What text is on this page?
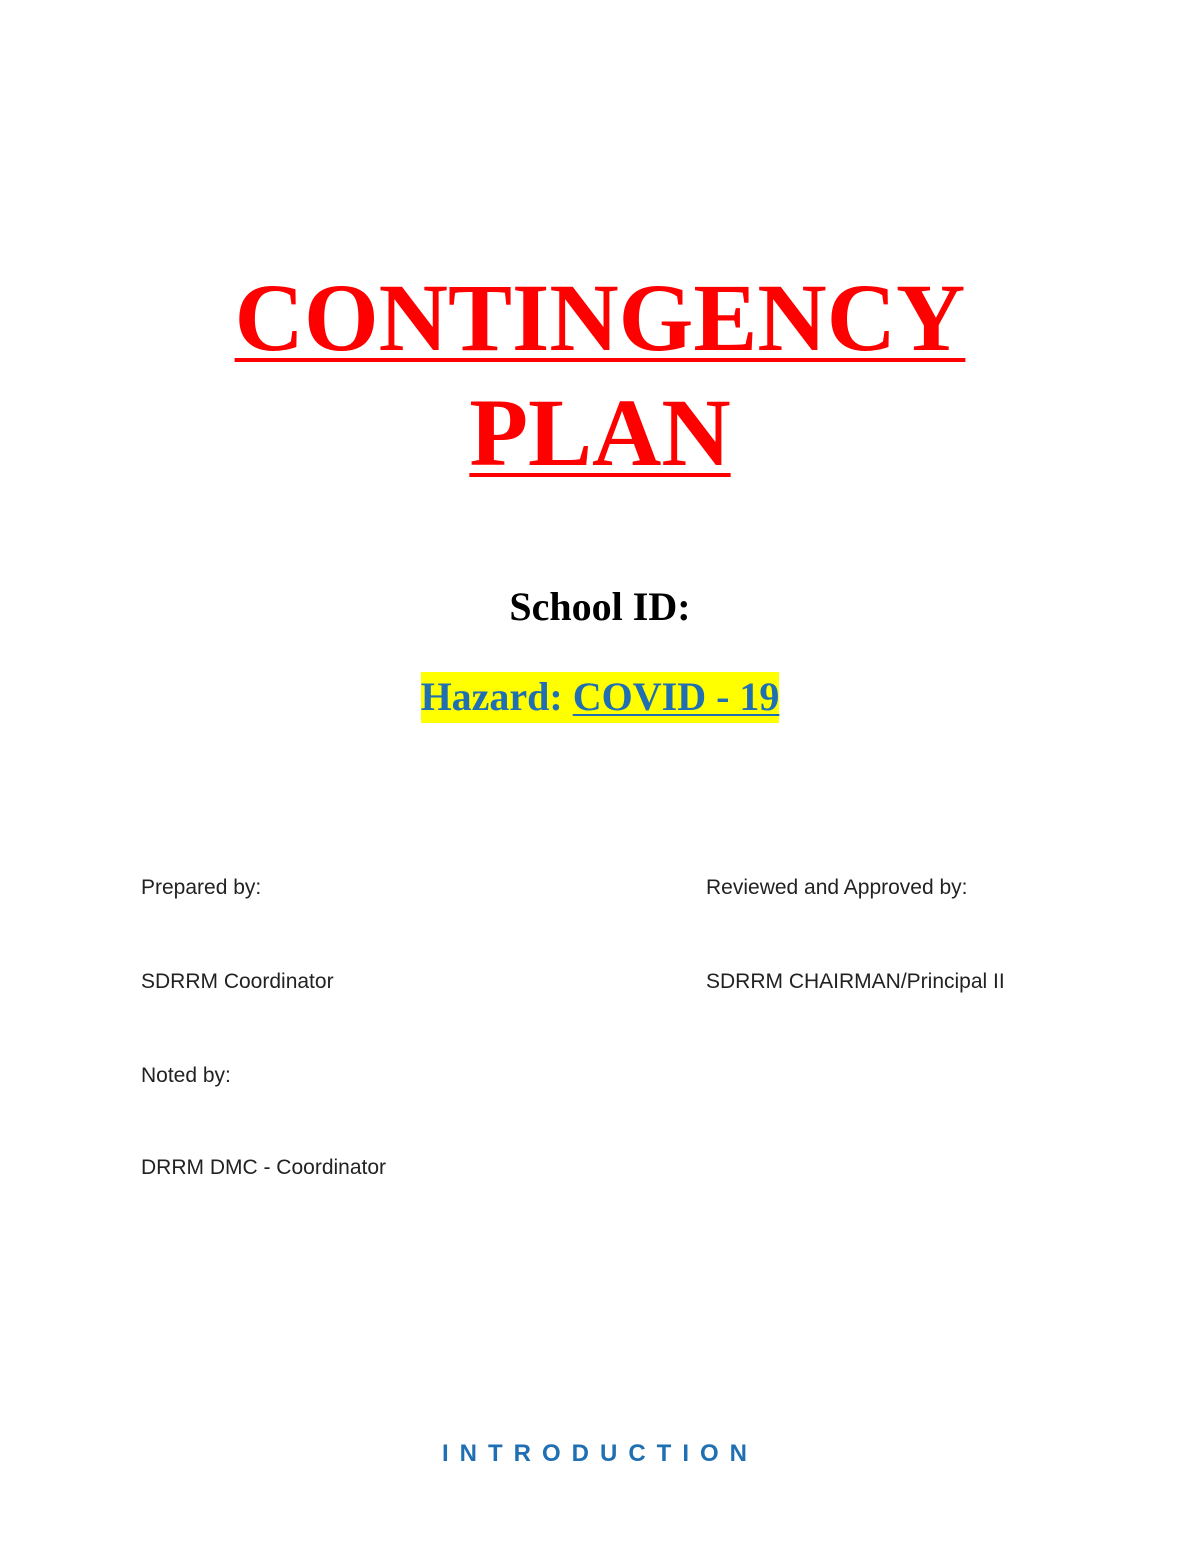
CONTINGENCY
PLAN
School ID:
Hazard: COVID - 19
Prepared by:	Reviewed and Approved by:
SDRRM Coordinator	SDRRM CHAIRMAN/Principal II
Noted by:
DRRM DMC - Coordinator
INTRODUCTION
